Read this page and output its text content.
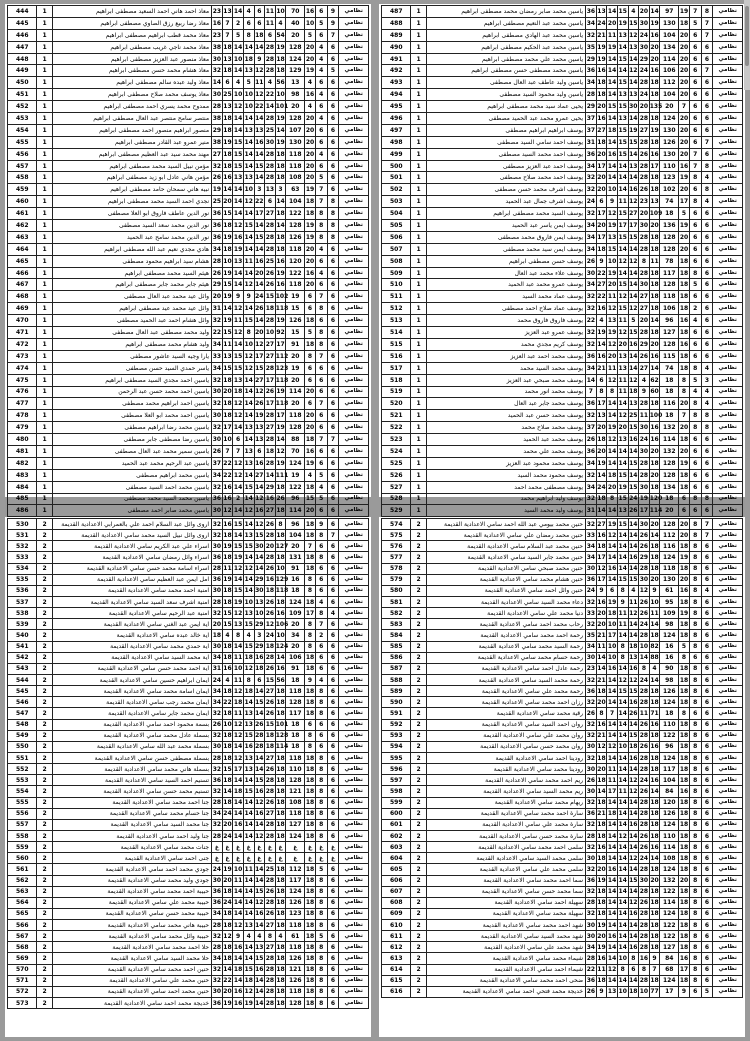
444	1	معاذ احمد هاني احمد السعيد مصطفى ابراهيم	23	13	14	4	6	11	10	70	16	6	9	نظامي
445	1	معاذ رضا ربيع رزق الصاوي مصطفى ابراهيم	16	7	2	6	6	11	4	40	10	5	9	نظامي
446	1	معاذ محمد قطب ابراهيم مصطفى ابراهيم	23	7	5	8	18	6	54	20	5	6	7	نظامي
447	1	معاذ محمد ناجي غريب مصطفى ابراهيم	38	18	14	14	14	28	19	128	20	4	6	نظامي
448	1	معاذ منصور عبد العزيز مصطفى ابراهيم	30	13	10	18	9	28	18	124	20	4	6	نظامي
449	1	معاذ هشام محمد حسن مصطفى ابراهيم	32	18	14	13	12	28	18	129	19	4	5	نظامي
450	1	معاذ وليد عبده سالم مصطفى ابراهيم	14	6	4	5	11	4	56	13	4	6	6	نظامي
451	1	معاذ يوسف محمد صلاح مصطفى ابراهيم	30	25	10	10	12	22	10	98	16	4	6	نظامي
452	1	ممدوح محمد يسري احمد مصطفى ابراهيم	28	13	12	10	22	14	101	20	4	6	6	نظامي
453	1	منتصر سامح منتصر عبد العال مصطفى ابراهيم	38	18	14	14	14	28	19	128	20	4	6	نظامي
454	1	منصور ابراهيم منصور احمد مصطفى ابراهيم	29	18	14	13	13	25	14	107	20	6	6	نظامي
455	1	منير عمرو عبد القادر مصطفى ابراهيم	38	19	15	14	16	30	19	130	20	6	6	نظامي
456	1	مهند محمد سيد عبد العظيم مصطفى ابراهيم	27	18	15	14	14	28	18	118	20	4	6	نظامي
457	1	مؤمن نبيل السيد محمد مصطفى ابراهيم	32	18	15	14	15	28	18	118	20	6	6	نظامي
458	1	مؤمن هاني عادل ابو زيد مصطفى ابراهيم	26	16	13	13	14	28	18	108	20	5	6	نظامي
459	1	نبيه هاني سمحان حامد مصطفى ابراهيم	19	14	14	10	3	13	3	63	19	7	6	نظامي
460	1	نجدي احمد السيد محمد مصطفى ابراهيم	25	20	14	12	22	6	14	104	18	7	8	نظامي
461	1	نور الدين عاطف فاروق ابو العلا مصطفى	36	15	14	14	17	27	18	122	18	8	8	نظامي
462	1	نور الدين محمد سعد السيد مصطفى	36	18	12	15	14	28	14	128	19	8	8	نظامي
463	1	نور الدين محمد سامح عبد الحميد	36	19	16	14	15	28	18	126	19	8	8	نظامي
464	1	هادي مجدي نعيم عبد الله مصطفى ابراهيم	34	18	19	14	14	28	18	118	20	4	6	نظامي
465	1	هشام سيد ابراهيم محمود مصطفى	28	10	13	11	16	25	16	120	20	6	6	نظامي
466	1	هيثم السيد محمد مصطفى ابراهيم	26	19	14	14	20	26	19	122	16	4	6	نظامي
467	1	هيثم جابر محمد جابر مصطفى ابراهيم	29	15	14	12	14	26	16	118	20	6	6	نظامي
468	1	وائل عيد محمد عبد العال مصطفى	20	19	9	9	24	15	102	19	6	7	6	نظامي
469	1	وائل عيد محمد عيد مصطفى ابراهيم	31	14	12	14	26	18	118	15	6	8	6	نظامي
470	1	وائل هشام احمد عبد الحميد مصطفى	32	19	11	15	14	28	19	126	18	6	6	نظامي
471	1	وليد محمد مصطفى عبد العال مصطفى	22	15	12	8	20	10	92	15	5	8	6	نظامي
472	1	وليد هشام محمد مصطفى ابراهيم	34	11	14	10	12	27	17	91	18	8	6	نظامي
473	1	يارا وجيه السيد عاشور مصطفى	33	13	15	12	17	27	112	20	8	7	6	نظامي
474	1	ياسر حمدي السيد حسن مصطفى	34	15	15	12	15	28	123	19	6	6	6	نظامي
475	1	ياسين احمد مجدي السيد مصطفى ابراهيم	32	18	13	14	27	17	118	20	6	6	6	نظامي
476	1	ياسين احمد محمد حسن عبد الرحمن	30	20	18	14	12	26	19	114	20	6	6	نظامي
477	1	ياسين احمد ابراهيم محمد مصطفى	32	18	12	14	26	17	118	20	6	7	6	نظامي
478	1	ياسين احمد محمد ابو العلا مصطفى	30	18	12	14	19	28	17	118	20	6	6	نظامي
479	1	ياسين محمد رضا ابراهيم مصطفى	32	17	14	13	13	27	19	128	20	6	6	نظامي
480	1	ياسين رضا مصطفى جابر مصطفى	30	10	6	14	13	28	14	88	18	7	7	نظامي
481	1	ياسين سمير محمد عبد العال مصطفى	26	7	7	13	6	18	12	70	16	6	6	نظامي
482	1	ياسين عبد الرحيم محمد عبد الحميد	37	22	12	13	16	28	19	124	19	6	6	نظامي
483	1	ياسين محمد ابراهيم مصطفى	34	22	12	14	27	14	111	19	4	5	6	نظامي
484	1	ياسين محمد احمد السيد مصطفى	32	16	14	15	14	29	18	122	18	4	6	نظامي
485	1	ياسين محمد السيد محمد مصطفى	36	16	2	14	12	16	26	96	15	5	6	نظامي
486	1	ياسين محمد صابر احمد مصطفى	30	12	14	12	16	27	18	114	20	6	6	نظامي
487	1	ياسين محمد صابر رمضان محمد مصطفى ابراهيم	36	13	14	15	4	20	14	97	19	7	8	نظامي
488	1	ياسين محمد عبد النعيم مصطفى ابراهيم	34	24	20	19	15	30	19	130	18	5	7	نظامي
489	1	ياسين محمد عبد الهادي مصطفى ابراهيم	32	21	11	13	12	24	16	104	20	6	7	نظامي
490	1	ياسين محمد عبد الحكيم مصطفى ابراهيم	35	19	19	14	13	30	20	134	20	6	6	نظامي
491	1	ياسين محمد علي محمد مصطفى ابراهيم	29	19	14	15	14	29	20	114	20	6	6	نظامي
492	1	ياسين محمد مصطفى حسن مصطفى ابراهيم	36	16	14	14	12	24	16	106	20	6	7	نظامي
493	1	ياسين وليد عاطف عبد العال مصطفى	34	18	14	15	14	28	18	112	20	6	6	نظامي
494	1	ياسين وليد محمود السيد مصطفى	28	18	14	13	13	24	18	104	20	6	6	نظامي
495	1	يحيى عماد سيد محمد مصطفى ابراهيم	29	20	15	15	30	20	135	20	7	6	6	نظامي
496	1	يحيى عمرو محمد عبد الحميد مصطفى	37	16	14	13	14	28	18	124	20	6	6	نظامي
497	1	يوسف ابراهيم ابراهيم مصطفى	37	27	18	15	19	27	19	130	20	6	6	نظامي
498	1	يوسف احمد سامي السيد مصطفى	31	18	14	15	15	28	18	126	20	6	7	نظامي
499	1	يوسف احمد محمد السيد مصطفى	36	20	16	15	14	26	16	130	20	7	6	نظامي
500	1	يوسف احمد عبد العزيز مصطفى	34	17	14	14	13	28	17	110	16	7	8	نظامي
501	1	يوسف احمد محمد صلاح مصطفى	32	20	14	14	14	28	18	123	19	8	4	نظامي
502	1	يوسف اشرف محمد حسن مصطفى	32	20	10	14	16	26	18	102	20	6	8	نظامي
503	1	يوسف اشرف جمال عبد الحميد	24	6	9	11	12	23	13	74	17	8	4	نظامي
504	1	يوسف السيد محمد مصطفى ابراهيم	32	17	12	15	27	20	109	18	5	6	6	نظامي
505	1	يوسف ايمن ياسر عبد الحميد	34	20	19	17	17	30	20	136	19	6	6	نظامي
506	1	يوسف ايمن فاروق محمد مصطفى	34	17	13	15	15	28	18	128	20	6	6	نظامي
507	1	يوسف ايمن سيد محمد مصطفى	34	18	15	14	14	28	18	128	20	6	6	نظامي
508	1	يوسف حسن مصطفى ابراهيم	26	9	10	12	12	8	11	78	18	6	6	نظامي
509	1	يوسف علاء محمد عبد العال	30	22	19	14	14	28	18	117	18	8	6	نظامي
510	1	يوسف عمرو محمد عبد الحميد	34	27	20	15	14	30	18	128	18	5	6	نظامي
511	1	يوسف عماد محمد السيد	32	22	11	12	14	27	18	118	18	6	6	نظامي
512	1	يوسف عماد صلاح احمد مصطفى	32	16	12	15	12	27	18	106	18	2	6	نظامي
513	1	يوسف فاروق فاروق محمد	22	4	13	11	5	20	14	96	16	4	6	نظامي
514	1	يوسف عمرو عبد العزيز	32	19	19	12	15	28	18	127	18	6	6	نظامي
515	1	يوسف كريم مجدي محمد	32	14	12	20	16	29	20	128	16	6	6	نظامي
516	1	يوسف محمد احمد عبد العزيز	36	16	20	13	14	26	16	115	18	6	6	نظامي
517	1	يوسف محمد السيد محمد	34	21	11	13	14	27	14	74	18	8	4	نظامي
518	1	يوسف محمد صبحي عبد العزيز	14	6	12	11	12	4	62	18	8	5	3	نظامي
519	1	يوسف محمد انور محمد	7	8	8	11	18	9	60	18	8	4	4	نظامي
520	1	يوسف محمد جابر عبد العال	36	17	14	14	13	28	18	116	20	8	4	نظامي
521	1	يوسف محمد حسن عبد الحميد	32	13	14	12	25	11	100	18	7	8	8	نظامي
522	1	يوسف محمد صلاح محمد	37	20	19	20	15	30	16	132	20	8	8	نظامي
523	1	يوسف محمد عبد الحميد	26	18	12	13	16	24	16	114	18	6	6	نظامي
524	1	يوسف محمد علي محمد	36	20	14	14	14	30	20	132	20	6	6	نظامي
525	1	يوسف محمد محمود عبد العزيز	34	19	14	14	15	28	18	128	19	6	6	نظامي
526	1	يوسف محمود محمد السيد	32	14	18	15	14	28	20	128	18	6	6	نظامي
527	1	يوسف مصطفى محمد احمد	34	24	20	19	15	30	18	134	18	6	6	نظامي
528	1	يوسف وليد ابراهيم محمد	32	18	8	15	24	19	120	18	6	8	8	نظامي
529	1	يوسف وليد محمد السيد	31	14	14	13	26	17	114	20	6	6	6	نظامي
530	2	اروى وائل عبد السلام احمد علي بالعمرابي الاعدادية القديمة	32	16	15	14	12	26	8	96	18	9	6	نظامي
531	2	اروى وائل نبيل السيد محمد سامي الاعدادية القديمة	32	18	14	13	15	28	18	104	18	8	7	نظامي
532	2	اسراء علي عبد الكريم سامي الاعدادية القديمة	30	19	15	15	30	20	127	20	7	6	6	نظامي
533	2	اسراء وائل رمضان سامي الاعدادية القديمة	36	18	19	14	14	28	18	131	18	8	6	نظامي
534	2	اسراء اسامة محمد حسن سامي الاعدادية القديمة	28	11	12	12	14	26	10	91	18	6	6	نظامي
535	2	امل ايمن عبد العظيم سامي الاعدادية القديمة	36	19	14	14	29	16	129	16	8	6	6	نظامي
536	2	امنية احمد محمد سامي الاعدادية القديمة	30	18	15	14	30	18	118	18	8	6	6	نظامي
537	2	امنية اشرف سعد السيد سامي الاعدادية القديمة	28	18	19	10	13	26	18	124	18	4	6	نظامي
538	2	امنية عبد الرحيم سامي الاعدادية القديمة	32	15	12	13	10	26	16	109	17	8	4	نظامي
539	2	اية ايمن عبد الغني سامي الاعدادية القديمة	20	15	13	15	29	12	106	20	8	7	6	نظامي
540	2	اية خالد عبده سامي الاعدادية القديمة	18	4	8	4	3	24	10	34	8	2	6	نظامي
541	2	اية حمدي محمد سامي الاعدادية القديمة	30	18	14	15	29	18	124	20	8	6	6	نظامي
542	2	اية محمد السيد سامي الاعدادية القديمة	34	18	11	18	16	28	14	106	18	6	6	نظامي
543	2	اية احمد محمد حسن سامي الاعدادية القديمة	31	16	10	12	18	26	16	91	18	6	6	نظامي
544	2	ايمان ابراهيم حسين سامي الاعدادية القديمة	24	4	11	8	6	15	56	18	9	4	6	نظامي
545	2	ايمان اسامة محمد سامي الاعدادية القديمة	34	18	12	18	14	27	18	118	18	8	6	نظامي
546	2	ايمان محمد رجب سامي الاعدادية القديمة	34	22	18	14	15	26	18	128	18	8	6	نظامي
547	2	ايمان محمد جابر سامي الاعدادية القديمة	32	18	11	13	14	26	18	117	18	8	6	نظامي
548	2	بسمة محمود احمد سامي الاعدادية القديمة	26	10	12	13	26	15	101	18	6	6	6	نظامي
549	2	بسملة عادل محمد سامي الاعدادية القديمة	32	18	12	15	28	18	128	18	8	6	6	نظامي
550	2	بسملة محمد عبد الله سامي الاعدادية القديمة	30	18	14	16	28	18	114	18	8	6	6	نظامي
551	2	بسملة مصطفى حسن سامي الاعدادية القديمة	28	18	12	13	14	27	18	118	18	8	6	نظامي
552	2	بسملة هاني محمد سامي الاعدادية القديمة	32	15	17	13	14	26	18	110	18	8	6	نظامي
553	2	تسنيم احمد السيد سامي الاعدادية القديمة	36	18	14	14	15	28	18	128	18	8	6	نظامي
554	2	تسنيم محمد حسن سامي الاعدادية القديمة	32	14	18	15	16	28	18	121	18	8	6	نظامي
555	2	جنا احمد محمد سامي الاعدادية القديمة	28	18	14	14	12	26	18	108	18	8	6	نظامي
556	2	جنا حسام محمد سامي الاعدادية القديمة	34	24	14	14	16	27	18	118	18	8	6	نظامي
557	2	جنا محمد السيد سامي الاعدادية القديمة	32	20	16	14	14	28	18	127	18	8	6	نظامي
558	2	جنا وليد احمد سامي الاعدادية القديمة	28	24	14	14	12	28	18	124	18	8	6	نظامي
559	2	جنات محمد سامي الاعدادية القديمة	غ	غ	غ	غ	غ	غ	غ	غ	غ	غ	غ	نظامي
560	2	جنى احمد سامي الاعدادية القديمة	غ	غ	غ	غ	غ	غ	غ	غ	غ	غ	غ	نظامي
561	2	جودي محمد احمد سامي الاعدادية القديمة	24	19	10	11	14	25	18	112	18	5	6	نظامي
562	2	جودي وليد محمد سامي الاعدادية القديمة	30	20	11	14	14	28	18	117	18	8	6	نظامي
563	2	حبيبة احمد محمد سامي الاعدادية القديمة	36	18	14	14	15	26	18	124	18	8	6	نظامي
564	2	حبيبة محمد علي سامي الاعدادية القديمة	36	24	14	14	12	28	18	126	18	8	6	نظامي
565	2	حبيبة محمد حسن سامي الاعدادية القديمة	34	18	14	14	16	26	18	123	18	8	6	نظامي
566	2	حبيبة هاني محمد سامي الاعدادية القديمة	28	18	12	13	14	27	18	118	18	8	6	نظامي
567	2	حبيبة وائل محمد سامي الاعدادية القديمة	32	12	9	4	4	8	4	61	18	5	6	نظامي
568	2	حلا احمد محمد سامي الاعدادية القديمة	28	18	16	14	13	27	18	118	18	8	6	نظامي
569	2	حلا محمد السيد سامي الاعدادية القديمة	34	18	14	14	15	28	18	126	18	8	6	نظامي
570	2	حنين احمد محمد سامي الاعدادية القديمة	32	14	18	15	16	28	18	121	18	8	6	نظامي
571	2	حنين محمد علي سامي الاعدادية القديمة	32	22	14	18	14	28	18	126	18	8	6	نظامي
572	2	حنين محمد احمد سامي الاعدادية القديمة	30	20	16	12	14	28	18	118	18	8	6	نظامي
573	2	خديجة محمد احمد سامي الاعدادية القديمة	36	19	16	19	14	28	18	128	18	8	6	نظامي
574	2	حنين محمد بيومي عبد الله احمد سامي الاعدادية القديمة	32	27	19	15	14	30	20	128	20	8	7	نظامي
575	2	حنين محمد رمضان علي سامي الاعدادية القديمة	33	16	12	14	14	26	14	112	20	8	7	نظامي
576	2	حنين محمد عبد السلام سامي الاعدادية القديمة	34	18	14	14	14	26	18	116	18	8	6	نظامي
577	2	حنين محمد جابر السيد سامي الاعدادية القديمة	34	17	14	14	16	29	18	124	19	8	6	نظامي
578	2	حنين محمد صبحي سامي الاعدادية القديمة	30	12	16	14	14	28	18	118	18	8	6	نظامي
579	2	حنين هشام محمد سامي الاعدادية القديمة	36	17	14	15	15	30	20	130	20	8	6	نظامي
580	2	حنين وائل احمد سامي الاعدادية القديمة	24	9	6	8	4	12	9	61	16	8	4	نظامي
581	2	دعاء محمد السيد سامي الاعدادية القديمة	32	16	19	9	11	26	10	95	18	8	6	نظامي
582	2	دنيا محمد علي سامي الاعدادية القديمة	33	20	18	11	12	26	11	109	19	8	6	نظامي
583	2	رحاب محمد احمد سامي الاعدادية القديمة	32	20	10	11	14	24	14	98	18	8	6	نظامي
584	2	رحمة احمد محمد سامي الاعدادية القديمة	35	21	17	14	14	28	18	124	18	8	6	نظامي
585	2	رحمة السيد محمد سامي الاعدادية القديمة	34	11	10	8	18	10	82	16	5	8	6	نظامي
586	2	رحمة حسام محمد سامي الاعدادية القديمة	30	14	10	8	13	14	88	16	8	6	6	نظامي
587	2	رحمة عادل احمد سامي الاعدادية القديمة	23	14	16	14	16	8	4	90	18	8	6	نظامي
588	2	رحمة محمد السيد سامي الاعدادية القديمة	32	21	14	12	12	24	14	98	18	8	6	نظامي
589	2	رحمة محمد علي سامي الاعدادية القديمة	36	18	14	15	15	28	18	126	18	8	6	نظامي
590	2	رزان احمد محمد سامي الاعدادية القديمة	32	20	14	14	16	28	18	124	18	8	6	نظامي
591	2	رقية محمد سامي الاعدادية القديمة	26	8	7	14	26	11	71	18	8	6	6	نظامي
592	2	روان احمد السيد سامي الاعدادية القديمة	32	16	14	14	14	26	16	110	18	8	6	نظامي
593	2	روان محمد علي سامي الاعدادية القديمة	32	21	14	14	15	28	18	122	18	8	6	نظامي
594	2	روان محمد حسن سامي الاعدادية القديمة	30	12	12	10	18	26	16	96	18	8	6	نظامي
595	2	رودينا احمد سامي الاعدادية القديمة	32	18	14	14	16	28	18	124	18	8	6	نظامي
596	2	رودينا محمد سامي الاعدادية القديمة	30	20	11	14	14	28	18	117	18	8	6	نظامي
597	2	ريم احمد محمد سامي الاعدادية القديمة	26	18	11	14	12	24	16	104	18	8	6	نظامي
598	2	ريم محمد السيد سامي الاعدادية القديمة	30	14	17	11	12	26	14	84	16	8	6	نظامي
599	2	ريهام محمد سامي الاعدادية القديمة	32	18	14	14	14	28	18	120	18	8	6	نظامي
600	2	سارة احمد محمد سامي الاعدادية القديمة	36	21	18	14	14	28	18	126	18	8	6	نظامي
601	2	سارة محمد علي سامي الاعدادية القديمة	32	18	14	14	16	28	18	124	18	8	6	نظامي
602	2	سارة محمد حسن سامي الاعدادية القديمة	28	18	14	12	14	26	18	110	18	8	6	نظامي
603	2	سلمى احمد محمد سامي الاعدادية القديمة	32	16	14	14	14	26	16	114	18	8	6	نظامي
604	2	سلمى محمد السيد سامي الاعدادية القديمة	30	18	14	14	12	24	14	108	18	8	6	نظامي
605	2	سلمى محمد علي سامي الاعدادية القديمة	32	20	16	14	14	28	18	124	18	8	6	نظامي
606	2	سما احمد محمد سامي الاعدادية القديمة	36	19	14	14	15	30	20	132	20	8	6	نظامي
607	2	سما محمد حسن سامي الاعدادية القديمة	32	18	14	14	14	28	18	122	18	8	6	نظامي
608	2	سهيلة احمد سامي الاعدادية القديمة	28	18	14	14	12	26	18	114	18	8	6	نظامي
609	2	سهيلة محمد سامي الاعدادية القديمة	32	18	14	14	16	28	18	124	18	8	6	نظامي
610	2	شهد احمد محمد سامي الاعدادية القديمة	30	19	14	14	14	28	18	122	18	8	6	نظامي
611	2	شهد محمد السيد سامي الاعدادية القديمة	30	20	16	14	14	28	18	122	18	8	6	نظامي
612	2	شهد محمد علي سامي الاعدادية القديمة	34	19	14	14	16	28	18	127	18	8	6	نظامي
613	2	شيماء محمد سامي الاعدادية القديمة	28	16	14	10	8	16	9	84	16	8	6	نظامي
614	2	شيماء احمد سامي الاعدادية القديمة	22	11	12	8	6	8	7	68	17	8	6	نظامي
615	2	ضحى احمد محمد سامي الاعدادية القديمة	36	18	14	14	14	28	18	124	18	8	6	نظامي
616	2	خديجة محمد فتحي احمد سامي الاعدادية القديمة	26	9	13	10	18	10	77	17	9	6	5	نظامي
